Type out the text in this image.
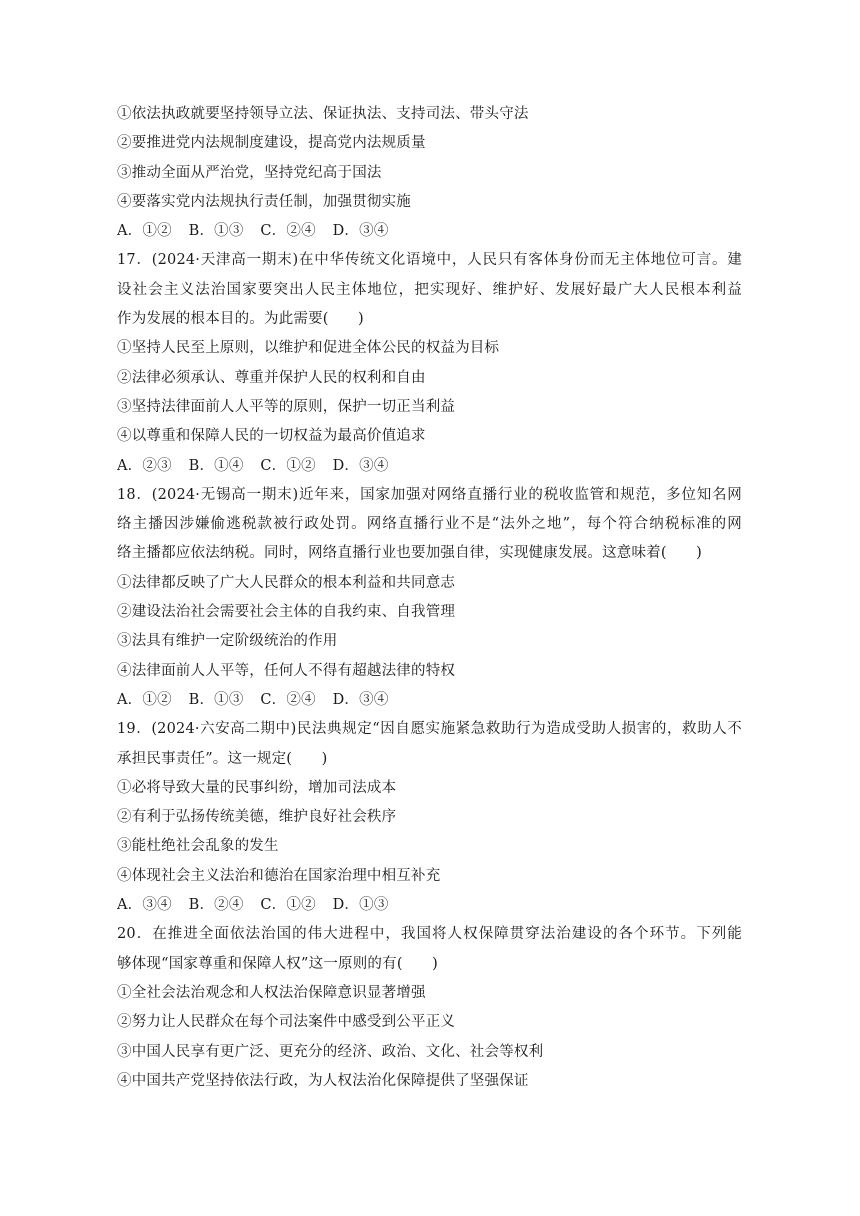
①依法执政就要坚持领导立法、保证执法、支持司法、带头守法
②要推进党内法规制度建设，提高党内法规质量
③推动全面从严治党，坚持党纪高于国法
④要落实党内法规执行责任制，加强贯彻实施
A．①② B．①③ C．②④ D．③④
17．(2024·天津高一期末)在中华传统文化语境中，人民只有客体身份而无主体地位可言。建
设社会主义法治国家要突出人民主体地位，把实现好、维护好、发展好最广大人民根本利益
作为发展的根本目的。为此需要(　　)
①坚持人民至上原则，以维护和促进全体公民的权益为目标
②法律必须承认、尊重并保护人民的权利和自由
③坚持法律面前人人平等的原则，保护一切正当利益
④以尊重和保障人民的一切权益为最高价值追求
A．②③ B．①④ C．①② D．③④
18．(2024·无锡高一期末)近年来，国家加强对网络直播行业的税收监管和规范，多位知名网
络主播因涉嫌偷逃税款被行政处罚。网络直播行业不是“法外之地”，每个符合纳税标准的网
络主播都应依法纳税。同时，网络直播行业也要加强自律，实现健康发展。这意味着(　　)
①法律都反映了广大人民群众的根本利益和共同意志
②建设法治社会需要社会主体的自我约束、自我管理
③法具有维护一定阶级统治的作用
④法律面前人人平等，任何人不得有超越法律的特权
A．①② B．①③ C．②④ D．③④
19．(2024·六安高二期中)民法典规定“因自愿实施紧急救助行为造成受助人损害的，救助人不
承担民事责任”。这一规定(　　)
①必将导致大量的民事纠纷，增加司法成本
②有利于弘扬传统美德，维护良好社会秩序
③能杜绝社会乱象的发生
④体现社会主义法治和德治在国家治理中相互补充
A．③④ B．②④ C．①② D．①③
20．在推进全面依法治国的伟大进程中，我国将人权保障贯穿法治建设的各个环节。下列能
够体现“国家尊重和保障人权”这一原则的有(　　)
①全社会法治观念和人权法治保障意识显著增强
②努力让人民群众在每个司法案件中感受到公平正义
③中国人民享有更广泛、更充分的经济、政治、文化、社会等权利
④中国共产党坚持依法行政，为人权法治化保障提供了坚强保证
